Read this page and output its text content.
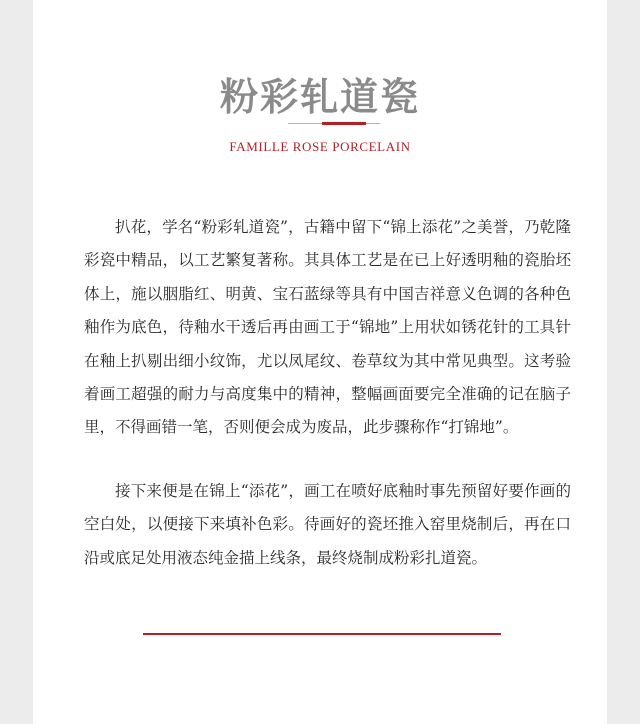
粉彩轧道瓷
FAMILLE ROSE PORCELAIN

扒花，学名“粉彩轧道瓷”，古籍中留下“锦上添花”之美誉，乃乾隆彩瓷中精品，以工艺繁复著称。其具体工艺是在已上好透明釉的瓷胎坯体上，施以胭脂红、明黄、宝石蓝绿等具有中国吉祥意义色调的各种色釉作为底色，待釉水干透后再由画工于“锦地”上用状如锈花针的工具针在釉上扒剔出细小纹饰，尤以凤尾纹、卷草纹为其中常见典型。这考验着画工超强的耐力与高度集中的精神，整幅画面要完全准确的记在脑子里，不得画错一笔，否则便会成为废品，此步骤称作“打锦地”。

接下来便是在锦上“添花”，画工在喷好底釉时事先预留好要作画的空白处，以便接下来填补色彩。待画好的瓷坯推入窑里烧制后，再在口沿或底足处用液态纯金描上线条，最终烧制成粉彩扎道瓷。
